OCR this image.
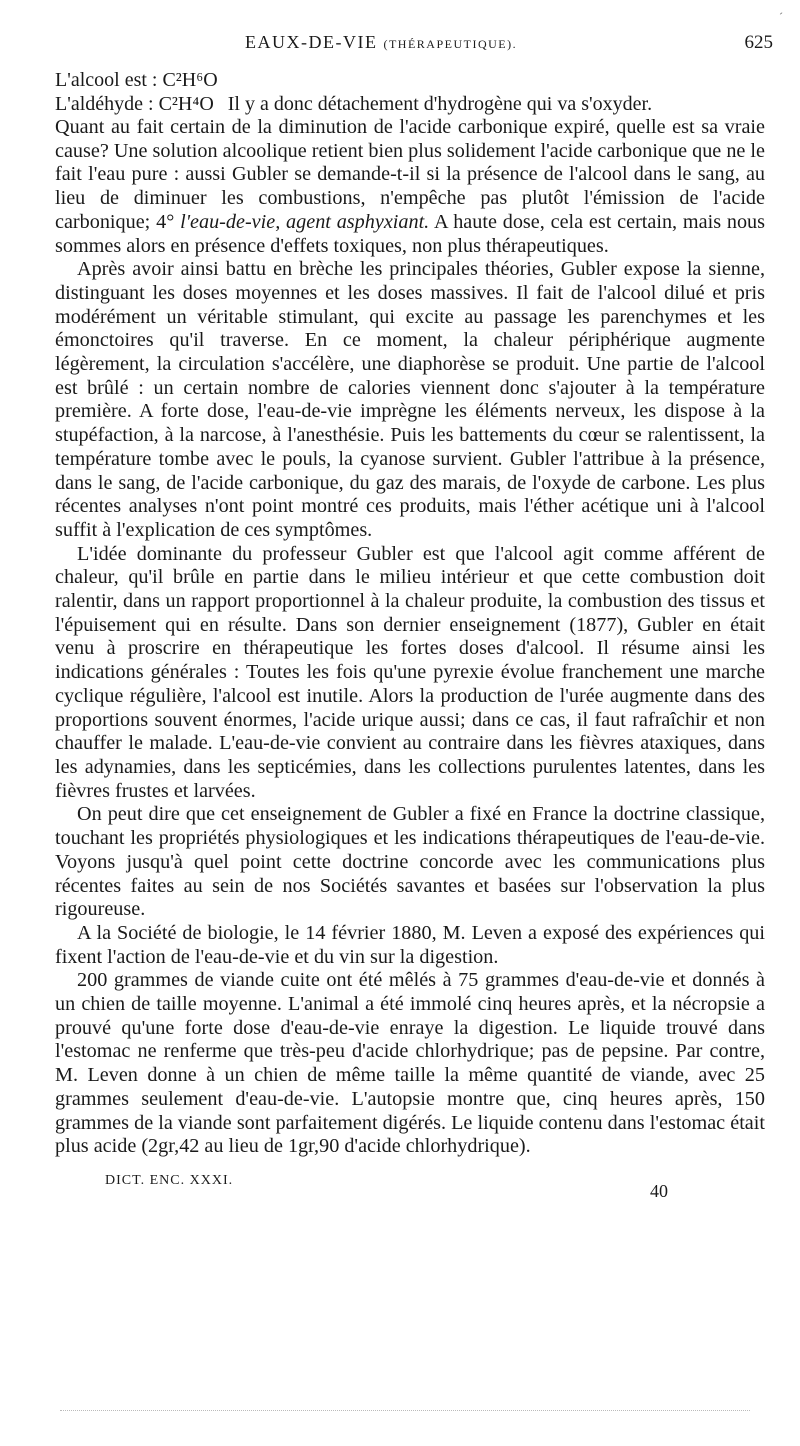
´
EAUX-DE-VIE (THÉRAPEUTIQUE).	625

L'alcool est : C²H⁶O

L'aldéhyde : C²H⁴O Il y a donc détachement d'hydrogène qui va s'oxyder.

Quant au fait certain de la diminution de l'acide carbonique expiré, quelle est sa vraie cause? Une solution alcoolique retient bien plus solidement l'acide carbonique que ne le fait l'eau pure : aussi Gubler se demande-t-il si la présence de l'alcool dans le sang, au lieu de diminuer les combustions, n'empêche pas plutôt l'émission de l'acide carbonique; 4° l'eau-de-vie, agent asphyxiant. A haute dose, cela est certain, mais nous sommes alors en présence d'effets toxiques, non plus thérapeutiques.

Après avoir ainsi battu en brèche les principales théories, Gubler expose la sienne, distinguant les doses moyennes et les doses massives. Il fait de l'alcool dilué et pris modérément un véritable stimulant, qui excite au passage les parenchymes et les émonctoires qu'il traverse. En ce moment, la chaleur périphérique augmente légèrement, la circulation s'accélère, une diaphorèse se produit. Une partie de l'alcool est brûlé : un certain nombre de calories viennent donc s'ajouter à la température première. A forte dose, l'eau-de-vie imprègne les éléments nerveux, les dispose à la stupéfaction, à la narcose, à l'anesthésie. Puis les battements du cœur se ralentissent, la température tombe avec le pouls, la cyanose survient. Gubler l'attribue à la présence, dans le sang, de l'acide carbonique, du gaz des marais, de l'oxyde de carbone. Les plus récentes analyses n'ont point montré ces produits, mais l'éther acétique uni à l'alcool suffit à l'explication de ces symptômes.

L'idée dominante du professeur Gubler est que l'alcool agit comme afférent de chaleur, qu'il brûle en partie dans le milieu intérieur et que cette combustion doit ralentir, dans un rapport proportionnel à la chaleur produite, la combustion des tissus et l'épuisement qui en résulte. Dans son dernier enseignement (1877), Gubler en était venu à proscrire en thérapeutique les fortes doses d'alcool. Il résume ainsi les indications générales : Toutes les fois qu'une pyrexie évolue franchement une marche cyclique régulière, l'alcool est inutile. Alors la production de l'urée augmente dans des proportions souvent énormes, l'acide urique aussi; dans ce cas, il faut rafraîchir et non chauffer le malade. L'eau-de-vie convient au contraire dans les fièvres ataxiques, dans les adynamies, dans les septicémies, dans les collections purulentes latentes, dans les fièvres frustes et larvées.

On peut dire que cet enseignement de Gubler a fixé en France la doctrine classique, touchant les propriétés physiologiques et les indications thérapeutiques de l'eau-de-vie. Voyons jusqu'à quel point cette doctrine concorde avec les communications plus récentes faites au sein de nos Sociétés savantes et basées sur l'observation la plus rigoureuse.

A la Société de biologie, le 14 février 1880, M. Leven a exposé des expériences qui fixent l'action de l'eau-de-vie et du vin sur la digestion.

200 grammes de viande cuite ont été mêlés à 75 grammes d'eau-de-vie et donnés à un chien de taille moyenne. L'animal a été immolé cinq heures après, et la nécropsie a prouvé qu'une forte dose d'eau-de-vie enraye la digestion. Le liquide trouvé dans l'estomac ne renferme que très-peu d'acide chlorhydrique; pas de pepsine. Par contre, M. Leven donne à un chien de même taille la même quantité de viande, avec 25 grammes seulement d'eau-de-vie. L'autopsie montre que, cinq heures après, 150 grammes de la viande sont parfaitement digérés. Le liquide contenu dans l'estomac était plus acide (2gr,42 au lieu de 1gr,90 d'acide chlorhydrique).

DICT. ENC. XXXI.
40
